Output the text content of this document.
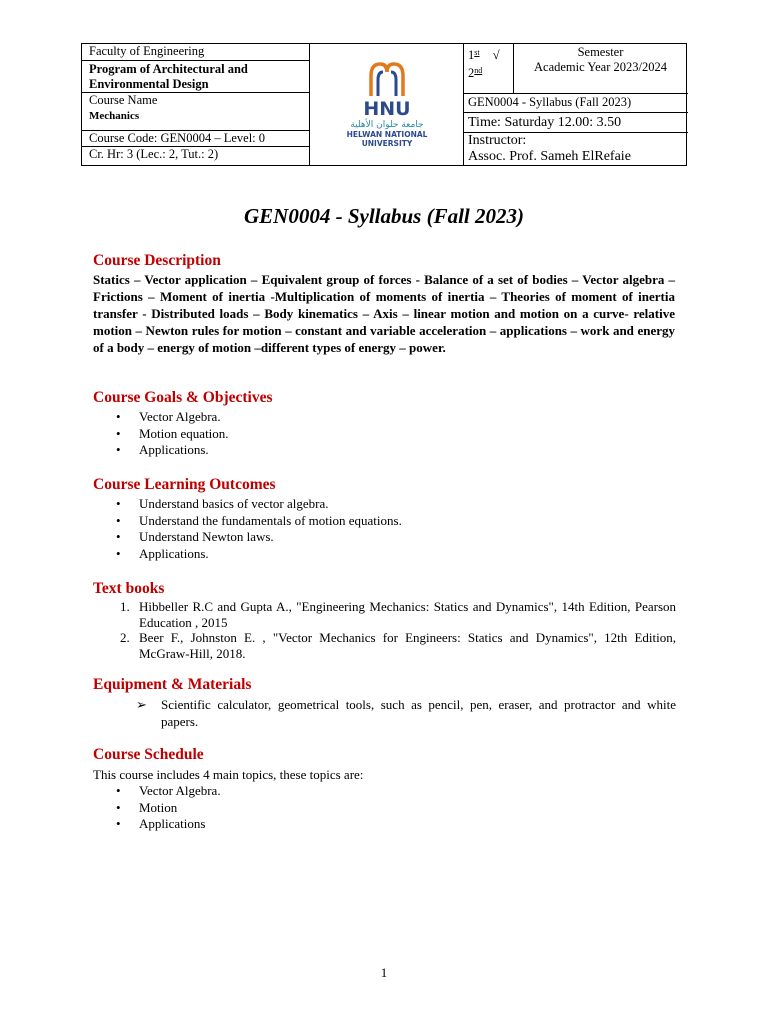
Faculty of Engineering
Program of Architectural and Environmental Design
Course Name
Mechanics
Course Code: GEN0004 – Level: 0
Cr. Hr: 3 (Lec.: 2, Tut.: 2)
HNU
جامعة حلوان الأهلية
HELWAN NATIONAL
UNIVERSITY
1st √
2nd
Semester
Academic Year 2023/2024
GEN0004 - Syllabus (Fall 2023)
Time: Saturday 12.00: 3.50
Instructor:
Assoc. Prof. Sameh ElRefaie
GEN0004 - Syllabus (Fall 2023)
Course Description
Statics – Vector application – Equivalent group of forces - Balance of a set of bodies – Vector algebra –Frictions – Moment of inertia -Multiplication of moments of inertia – Theories of moment of inertia transfer - Distributed loads – Body kinematics – Axis – linear motion and motion on a curve- relative motion – Newton rules for motion – constant and variable acceleration – applications – work and energy of a body – energy of motion –different types of energy – power.
Course Goals & Objectives
• Vector Algebra.
• Motion equation.
• Applications.
Course Learning Outcomes
• Understand basics of vector algebra.
• Understand the fundamentals of motion equations.
• Understand Newton laws.
• Applications.
Text books
1. Hibbeller R.C and Gupta A., "Engineering Mechanics: Statics and Dynamics", 14th Edition, Pearson Education , 2015
2. Beer F., Johnston E. , "Vector Mechanics for Engineers: Statics and Dynamics", 12th Edition, McGraw-Hill, 2018.
Equipment & Materials
➢ Scientific calculator, geometrical tools, such as pencil, pen, eraser, and protractor and white papers.
Course Schedule
This course includes 4 main topics, these topics are:
• Vector Algebra.
• Motion
• Applications
1
